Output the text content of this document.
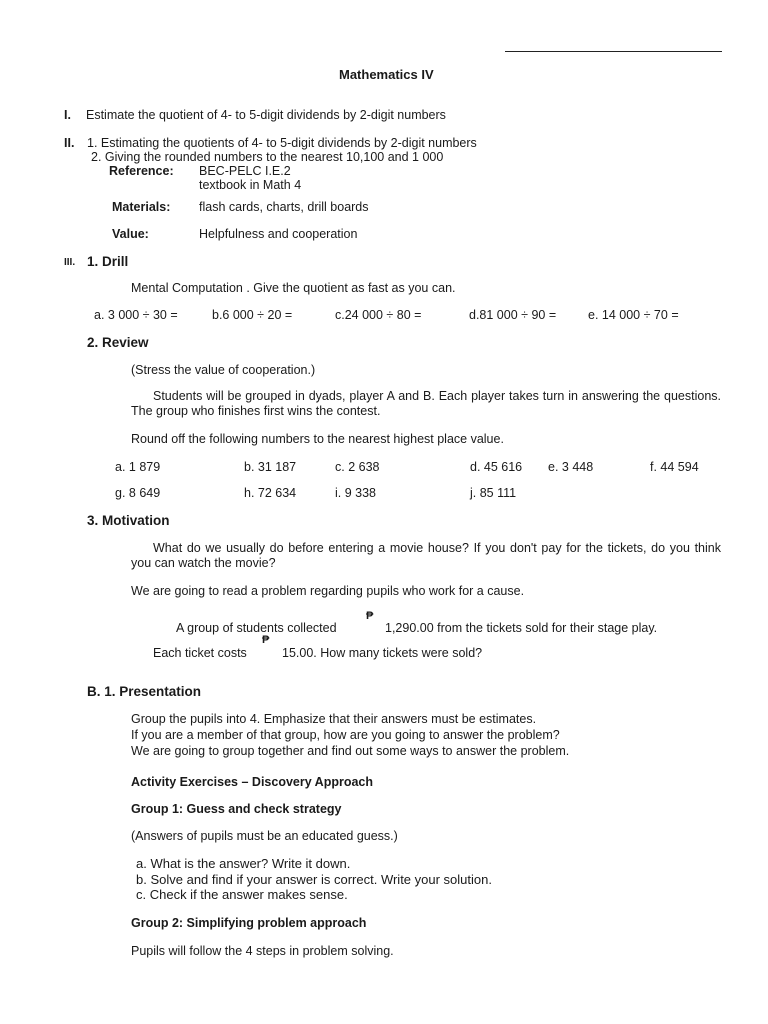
Mathematics IV
I. Estimate the quotient of 4- to 5-digit dividends by 2-digit numbers
II. 1. Estimating the quotients of 4- to 5-digit dividends by 2-digit numbers
2. Giving the rounded numbers to the nearest 10,100 and 1 000
Reference: BEC-PELC I.E.2
textbook in Math 4
Materials: flash cards, charts, drill boards
Value:	Helpfulness and cooperation
III. 1. Drill
Mental Computation . Give the quotient as fast as you can.
a. 3 000 ÷ 30 =	b.6 000 ÷ 20 =	c.24 000 ÷ 80 =	d.81 000 ÷ 90 =	e. 14 000 ÷ 70 =
2. Review
(Stress the value of cooperation.)
Students will be grouped in dyads, player A and B. Each player takes turn in answering the questions. The group who finishes first wins the contest.
Round off the following numbers to the nearest highest place value.
a. 1 879	b. 31 187	c. 2 638	d. 45 616 e. 3 448	f. 44 594
g. 8 649	h. 72 634	i. 9 338	j. 85 111
3. Motivation
What do we usually do before entering a movie house? If you don't pay for the tickets, do you think you can watch the movie?
We are going to read a problem regarding pupils who work for a cause.
A group of students collected
₱
1,290.00 from the tickets sold for their stage play.
Each ticket costs
₱
15.00. How many tickets were sold?
B. 1. Presentation
Group the pupils into 4. Emphasize that their answers must be estimates.
If you are a member of that group, how are you going to answer the problem?
We are going to group together and find out some ways to answer the problem.
Activity Exercises – Discovery Approach
Group 1: Guess and check strategy
(Answers of pupils must be an educated guess.)
a. What is the answer? Write it down.
b. Solve and find if your answer is correct. Write your solution.
c. Check if the answer makes sense.
Group 2: Simplifying problem approach
Pupils will follow the 4 steps in problem solving.
